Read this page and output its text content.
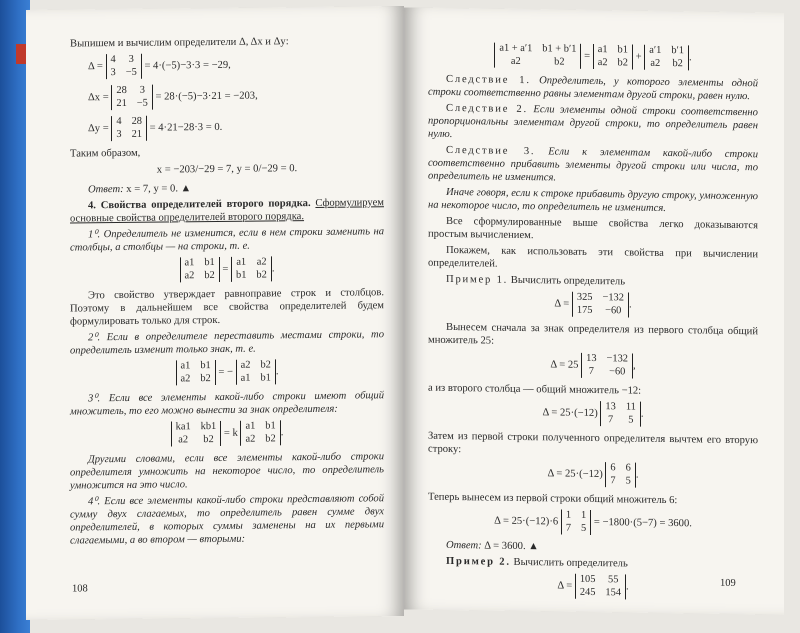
Выпишем и вычислим определители Δ, Δx и Δy:

Δ =
4 3
3 −5
= 4·(−5)−3·3 = −29,
Δx =
28 3
21 −5
= 28·(−5)−3·21 = −203,
Δy =
4 28
3 21
= 4·21−28·3 = 0.

Таким образом,

x = −203/−29 = 7, y = 0/−29 = 0.

Ответ: x = 7, y = 0. ▲

4. Свойства определителей второго порядка. Сформулируем основные свойства определителей второго порядка.

1⁰. Определитель не изменится, если в нем строки заменить на столбцы, а столбцы — на строки, т. е.

a1 b1
a2 b2
=
a1 a2
b1 b2
.

Это свойство утверждает равноправие строк и столбцов. Поэтому в дальнейшем все свойства определителей будем формулировать только для строк.

2⁰. Если в определителе переставить местами строки, то определитель изменит только знак, т. е.

a1 b1
a2 b2
= −
a2 b2
a1 b1
.

3⁰. Если все элементы какой-либо строки имеют общий множитель, то его можно вынести за знак определителя:

ka1 kb1
a2 b2
= k
a1 b1
a2 b2
.

Другими словами, если все элементы какой-либо строки определителя умножить на некоторое число, то определитель умножится на это число.

4⁰. Если все элементы какой-либо строки представляют собой сумму двух слагаемых, то определитель равен сумме двух определителей, в которых суммы заменены на их первыми слагаемыми, а во втором — вторыми:

108
a1 + a′1 b1 + b′1
a2	b2
=
a1 b1
a2 b2
+
a′1 b′1
a2 b2
.

Следствие 1. Определитель, у которого элементы одной строки соответственно равны элементам другой строки, равен нулю.

Следствие 2. Если элементы одной строки соответственно пропорциональны элементам другой строки, то определитель равен нулю.

Следствие 3. Если к элементам какой-либо строки соответственно прибавить элементы другой строки или числа, то определитель не изменится.

Иначе говоря, если к строке прибавить другую строку, умноженную на некоторое число, то определитель не изменится.

Все сформулированные выше свойства легко доказываются простым вычислением.

Покажем, как использовать эти свойства при вычислении определителей.

Пример 1. Вычислить определитель

Δ =
325 −132
175 −60
.

Вынесем сначала за знак определителя из первого столбца общий множитель 25:

Δ = 25
13 −132
7 −60
,

а из второго столбца — общий множитель −12:

Δ = 25·(−12)
13 11
7 5
.

Затем из первой строки полученного определителя вычтем его вторую строку:

Δ = 25·(−12)
6 6
7 5
.

Теперь вынесем из первой строки общий множитель 6:

Δ = 25·(−12)·6
1 1
7 5 = −1800·(5−7) = 3600.

Ответ: Δ = 3600. ▲

Пример 2. Вычислить определитель

Δ =
105 55
245 154
.	109
